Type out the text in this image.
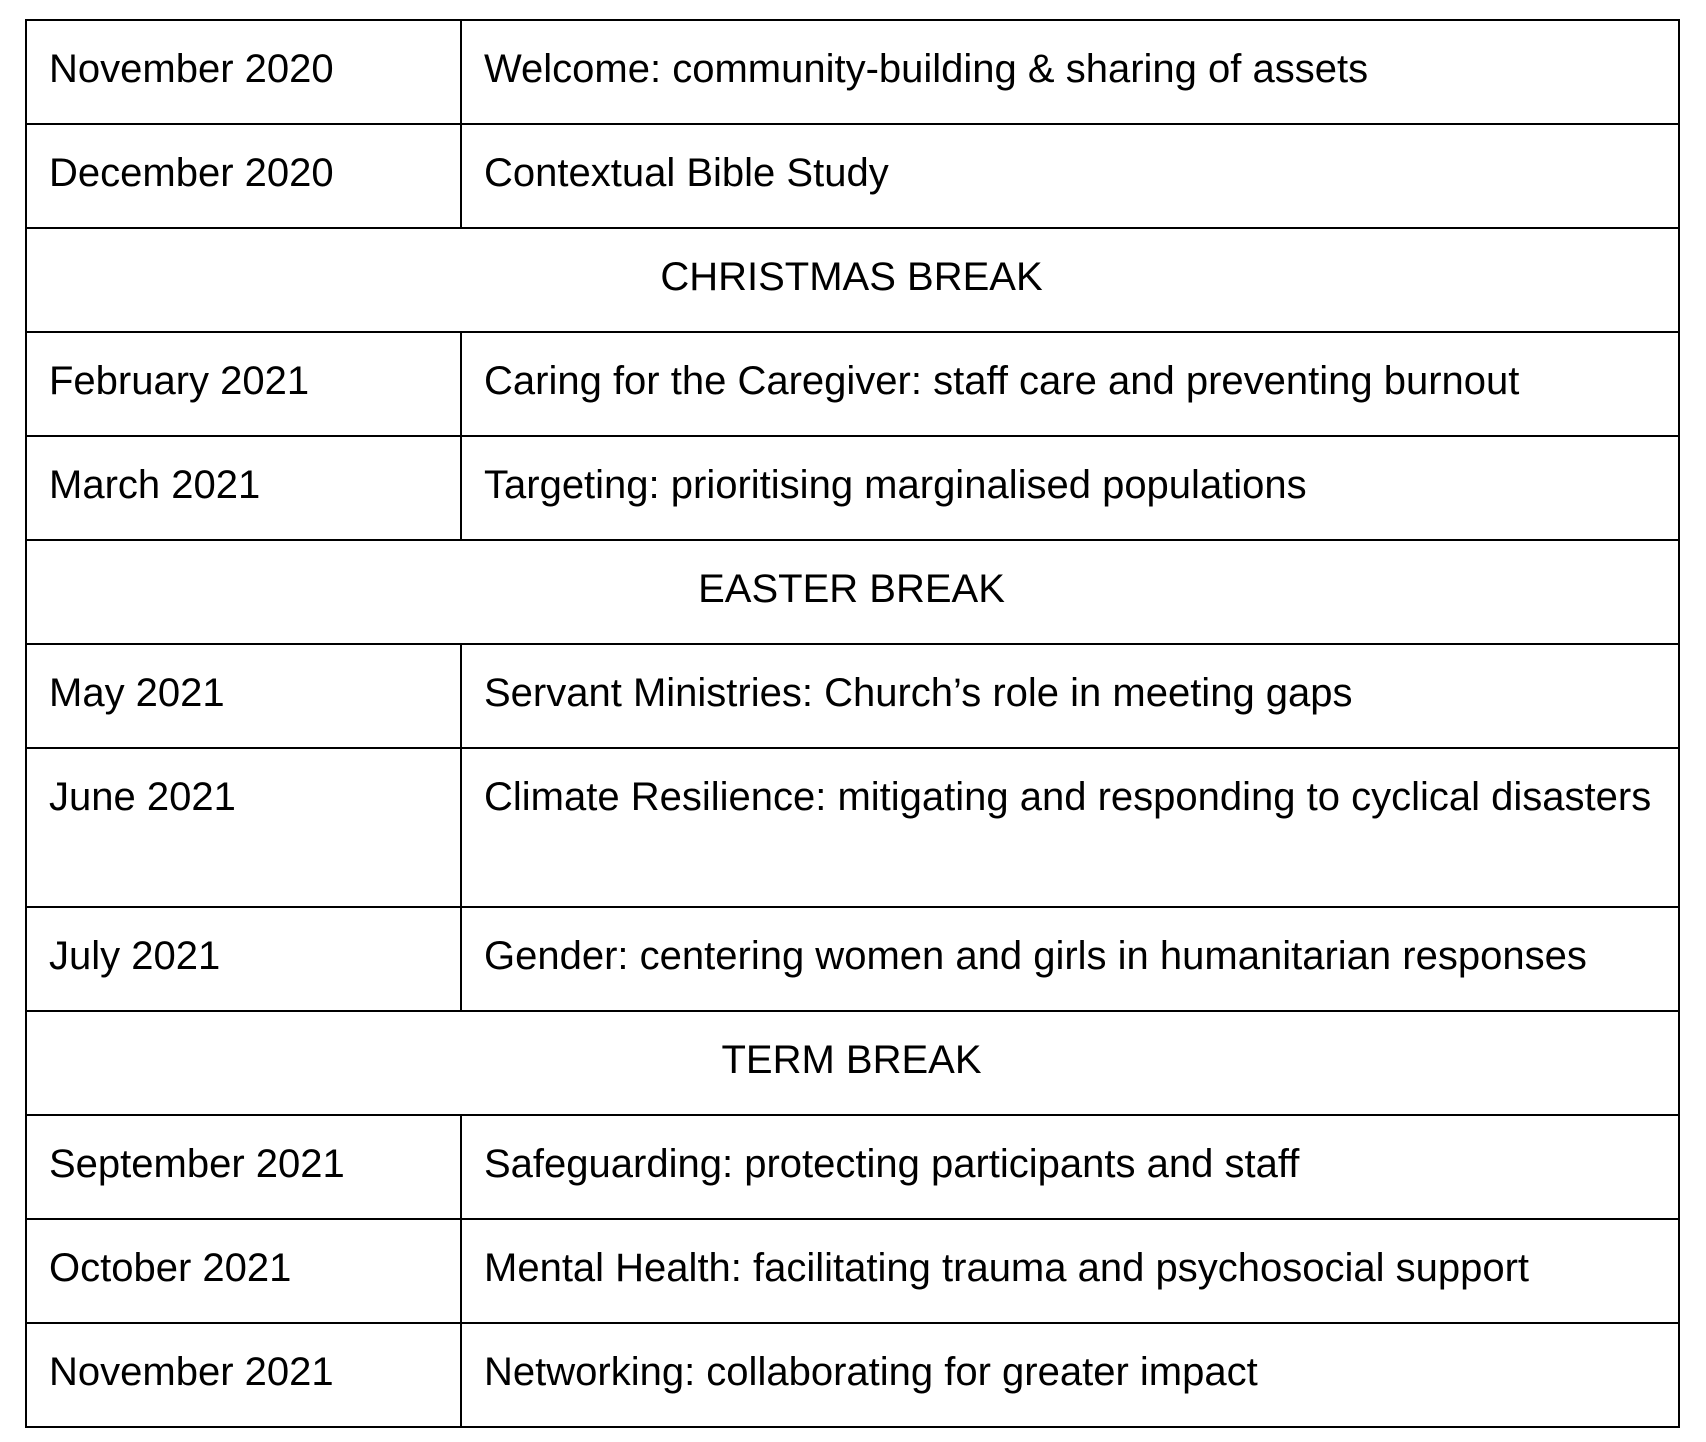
November 2020	Welcome: community-building & sharing of assets
December 2020	Contextual Bible Study
CHRISTMAS BREAK	
February 2021	Caring for the Caregiver: staff care and preventing burnout
March 2021	Targeting: prioritising marginalised populations
EASTER BREAK	
May 2021	Servant Ministries: Church’s role in meeting gaps
June 2021	Climate Resilience: mitigating and responding to cyclical disasters
July 2021	Gender: centering women and girls in humanitarian responses
TERM BREAK	
September 2021	Safeguarding: protecting participants and staff
October 2021	Mental Health: facilitating trauma and psychosocial support
November 2021	Networking: collaborating for greater impact
